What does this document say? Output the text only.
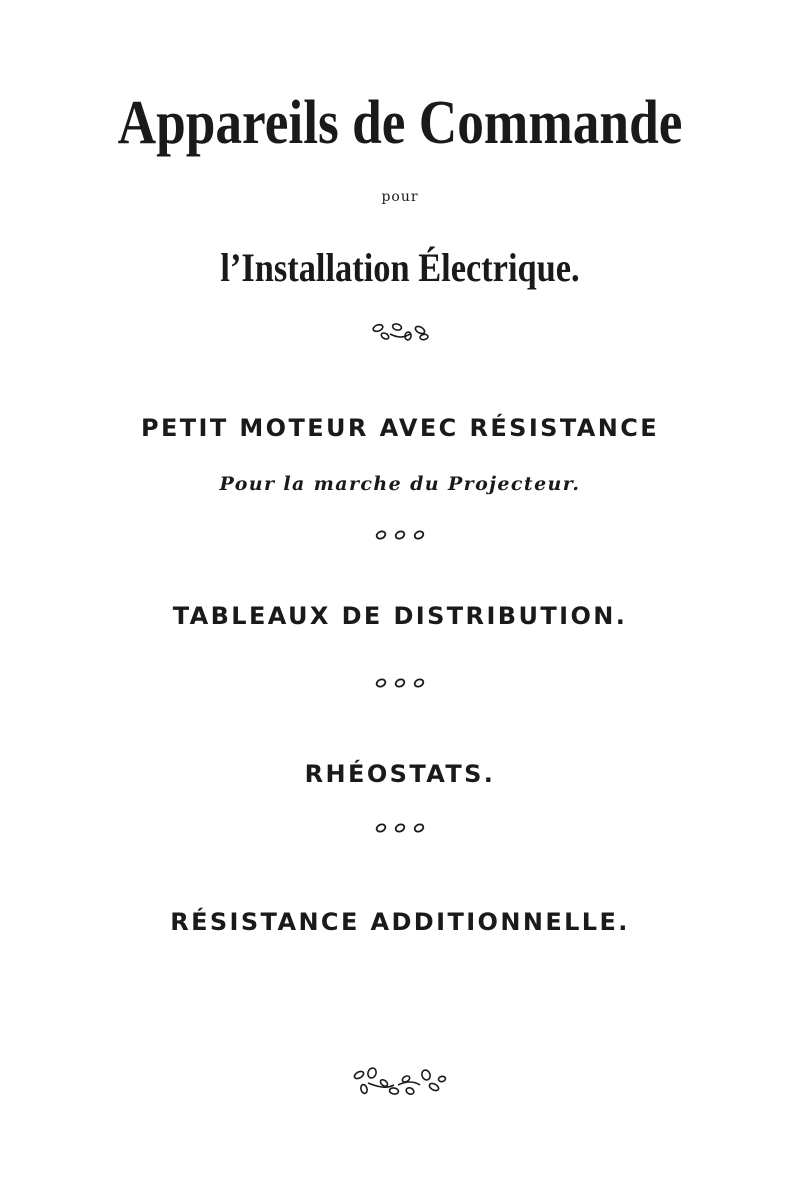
Appareils de Commande
pour
l’Installation Électrique.
PETIT MOTEUR AVEC RÉSISTANCE
Pour la marche du Projecteur.
TABLEAUX DE DISTRIBUTION.
RHÉOSTATS.
RÉSISTANCE ADDITIONNELLE.
